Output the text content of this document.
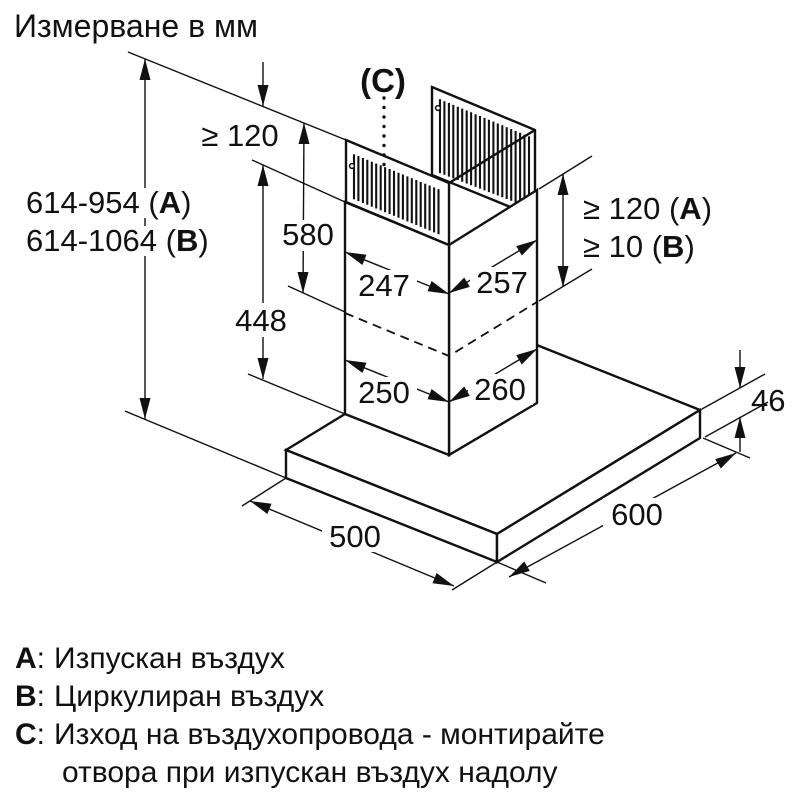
Измерване в мм
614-954 (A)
614-1064 (B)
≥ 120
580
448
(C)
247 257
250 260
≥ 120 (A)
≥ 10 (B)
46
500
600
A: Изпускан въздух
B: Циркулиран въздух
C: Изход на въздухопровода - монтирайте
отвора при изпускан въздух надолу
